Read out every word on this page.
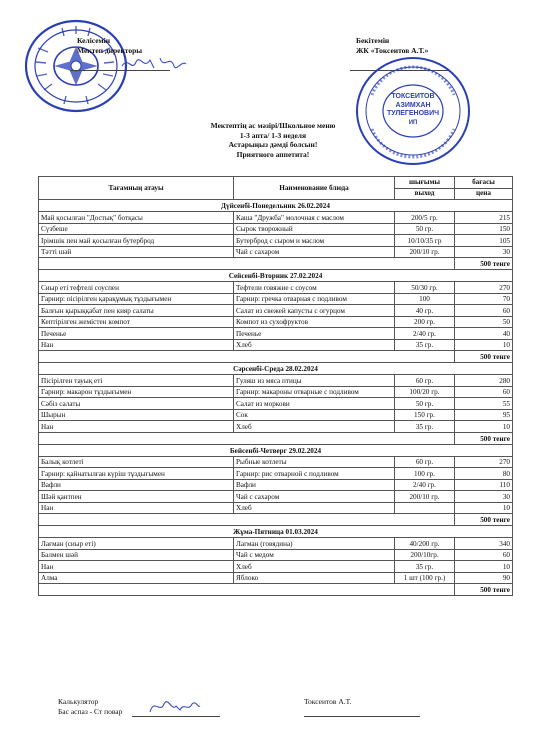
Келісемін
Мектеп директоры
Бекітемін
ЖК «Токсеитов А.Т.»
ТОКСЕИТОВ
АЗИМХАН
ТУЛЕГЕНОВИЧ
ИП
Мектептің ас мәзірі/Школьное меню
1-3 апта/ 1-3 неделя
Астарыңыз дәмді болсын!
Приятного аппетита!
Тағамның атауы	Наименование блюда	шығымы	бағасы
		выход	цена
Дүйсенбі-Понедельник 26.02.2024			
Май қосылған "Достық" ботқасы	Каша "Дружба" молочная с маслом	200/5 гр.	215
Сүзбеше	Сырок творожный	50 гр.	150
Ірімшік пен май қосылған бутерброд	Бутерброд с сыром и маслом	10/10/35 гр	105
Тәтті шәй	Чай с сахаром	200/10 гр.	30
			500 тенге
Сейсенбі-Вторник 27.02.2024			
Сиыр еті тефтелі соуспен	Тефтели говяжие с соусом	50/30 гр.	270
Гарнир: пісірілген қарақұмық тұздығымен	Гарнир: гречка отварная с подливом	100	70
Балғын қырыққабат пен кияр салаты	Салат из свежей капусты с огурцом	40 гр.	60
Кептірілген жемістен компот	Компот из сухофруктов	200 гр.	50
Печенье	Печенье	2/40 гр.	40
Нан	Хлеб	35 гр.	10
			500 тенге
Сәрсенбі-Среда 28.02.2024			
Пісірілген тауық еті	Гуляш из мяса птицы	60 гр.	280
Гарнир: макарон тұздығымен	Гарнир: макароны отварные с подливом	100/20 гр.	60
Сәбіз салаты	Салат из моркови	50 гр.	55
Шырын	Сок	150 гр.	95
Нан	Хлеб	35 гр.	10
			500 тенге
Бейсенбі-Четверг 29.02.2024			
Балық котлеті	Рыбные котлеты	60 гр.	270
Гарнир: қайнатылған күріш тұздығымен	Гарнир: рис отварной с подливом	100 гр.	80
Вафли	Вафли	2/40 гр.	110
Шәй қантпен	Чай с сахаром	200/10 гр.	30
Нан	Хлеб		10
			500 тенге
Жұма-Пятница 01.03.2024			
Лағман (сиыр еті)	Лагман (говядина)	40/200 гр.	340
Балмен шәй	Чай с медом	200/10гр.	60
Нан	Хлеб	35 гр.	10
Алма	Яблоко	1 шт (100 гр.)	90
			500 тенге
Калькулятор
Бас аспаз - Ст повар
Токсеитов А.Т.
